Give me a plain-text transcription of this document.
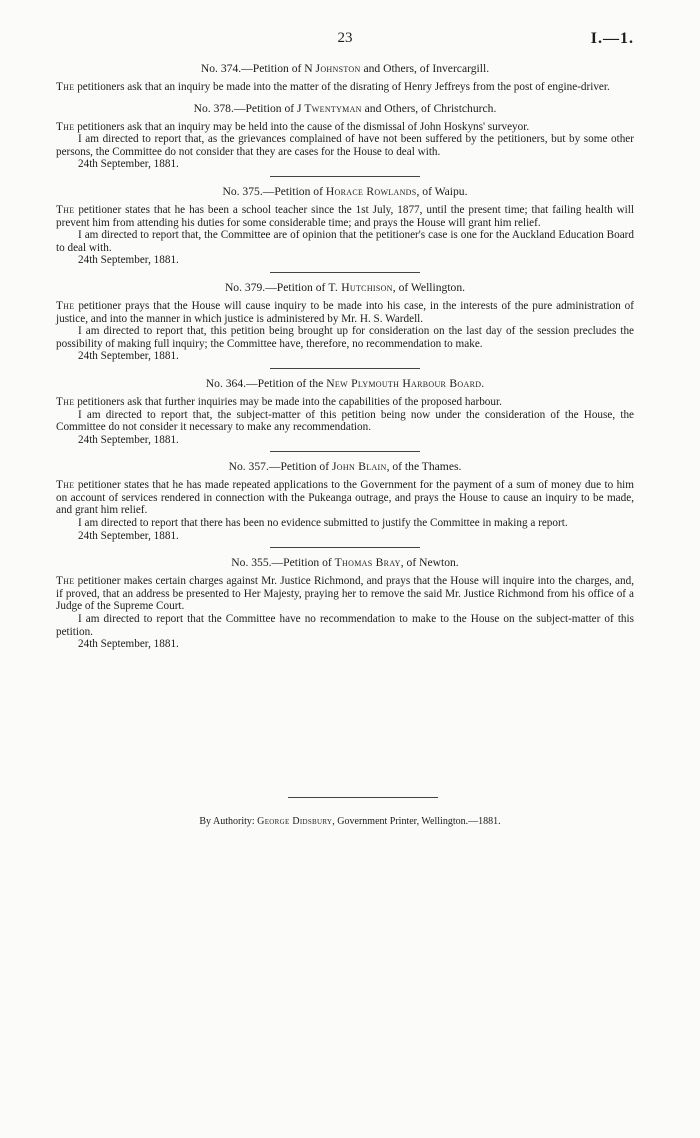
23	I.—1.

No. 374.—Petition of N Johnston and Others, of Invercargill.

The petitioners ask that an inquiry be made into the matter of the disrating of Henry Jeffreys from the post of engine-driver.

No. 378.—Petition of J Twentyman and Others, of Christchurch.

The petitioners ask that an inquiry may be held into the cause of the dismissal of John Hoskyns' surveyor.

I am directed to report that, as the grievances complained of have not been suffered by the petitioners, but by some other persons, the Committee do not consider that they are cases for the House to deal with.

24th September, 1881.

No. 375.—Petition of Horace Rowlands, of Waipu.

The petitioner states that he has been a school teacher since the 1st July, 1877, until the present time; that failing health will prevent him from attending his duties for some considerable time; and prays the House will grant him relief.

I am directed to report that, the Committee are of opinion that the petitioner's case is one for the Auckland Education Board to deal with.

24th September, 1881.

No. 379.—Petition of T. Hutchison, of Wellington.

The petitioner prays that the House will cause inquiry to be made into his case, in the interests of the pure administration of justice, and into the manner in which justice is administered by Mr. H. S. Wardell.

I am directed to report that, this petition being brought up for consideration on the last day of the session precludes the possibility of making full inquiry; the Committee have, therefore, no recommendation to make.

24th September, 1881.

No. 364.—Petition of the New Plymouth Harbour Board.

The petitioners ask that further inquiries may be made into the capabilities of the proposed harbour.

I am directed to report that, the subject-matter of this petition being now under the consideration of the House, the Committee do not consider it necessary to make any recommendation.

24th September, 1881.

No. 357.—Petition of John Blain, of the Thames.

The petitioner states that he has made repeated applications to the Government for the payment of a sum of money due to him on account of services rendered in connection with the Pukeanga outrage, and prays the House to cause an inquiry to be made, and grant him relief.

I am directed to report that there has been no evidence submitted to justify the Committee in making a report.

24th September, 1881.

No. 355.—Petition of Thomas Bray, of Newton.

The petitioner makes certain charges against Mr. Justice Richmond, and prays that the House will inquire into the charges, and, if proved, that an address be presented to Her Majesty, praying her to remove the said Mr. Justice Richmond from his office of a Judge of the Supreme Court.

I am directed to report that the Committee have no recommendation to make to the House on the subject-matter of this petition.

24th September, 1881.

By Authority: George Didsbury, Government Printer, Wellington.—1881.
